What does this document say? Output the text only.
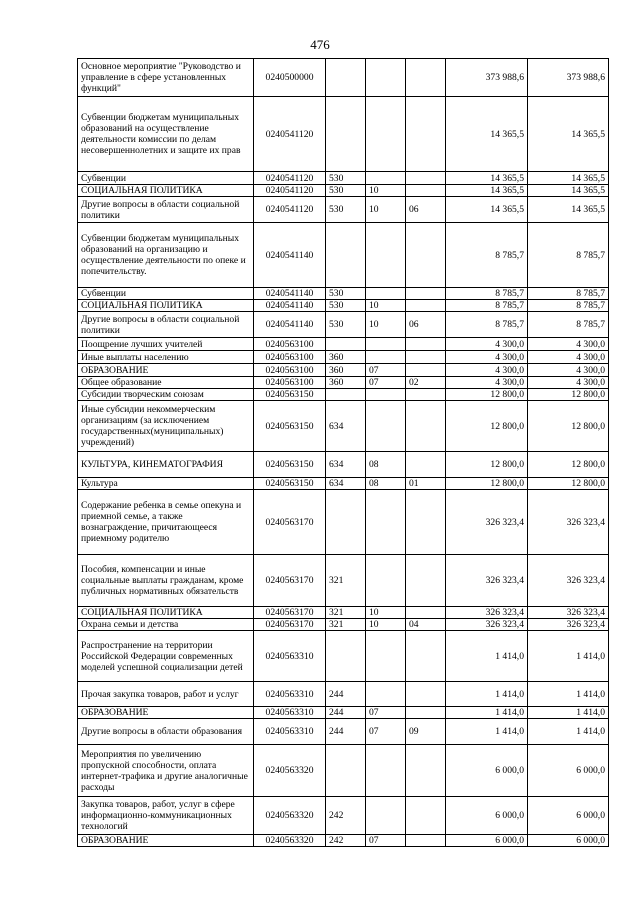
476
Основное мероприятие "Руководство и управление в сфере установленных функций"	0240500000				373 988,6	373 988,6
Субвенции бюджетам муниципальных образований на осуществление деятельности комиссии по делам несовершеннолетних и защите их прав	0240541120				14 365,5	14 365,5
Субвенции	0240541120	530			14 365,5	14 365,5
СОЦИАЛЬНАЯ ПОЛИТИКА	0240541120	530	10		14 365,5	14 365,5
Другие вопросы в области социальной политики	0240541120	530	10	06	14 365,5	14 365,5
Субвенции бюджетам муниципальных образований на организацию и осуществление деятельности по опеке и попечительству.	0240541140				8 785,7	8 785,7
Субвенции	0240541140	530			8 785,7	8 785,7
СОЦИАЛЬНАЯ ПОЛИТИКА	0240541140	530	10		8 785,7	8 785,7
Другие вопросы в области социальной политики	0240541140	530	10	06	8 785,7	8 785,7
Поощрение лучших учителей	0240563100				4 300,0	4 300,0
Иные выплаты населению	0240563100	360			4 300,0	4 300,0
ОБРАЗОВАНИЕ	0240563100	360	07		4 300,0	4 300,0
Общее образование	0240563100	360	07	02	4 300,0	4 300,0
Субсидии творческим союзам	0240563150				12 800,0	12 800,0
Иные субсидии некоммерческим организациям (за исключением государственных(муниципальных) учреждений)	0240563150	634			12 800,0	12 800,0
КУЛЬТУРА, КИНЕМАТОГРАФИЯ	0240563150	634	08		12 800,0	12 800,0
Культура	0240563150	634	08	01	12 800,0	12 800,0
Содержание ребенка в семье опекуна и приемной семье, а также вознаграждение, причитающееся приемному родителю	0240563170				326 323,4	326 323,4
Пособия, компенсации и иные социальные выплаты гражданам, кроме публичных нормативных обязательств	0240563170	321			326 323,4	326 323,4
СОЦИАЛЬНАЯ ПОЛИТИКА	0240563170	321	10		326 323,4	326 323,4
Охрана семьи и детства	0240563170	321	10	04	326 323,4	326 323,4
Распространение на территории Российской Федерации современных моделей успешной социализации детей	0240563310				1 414,0	1 414,0
Прочая закупка товаров, работ и услуг	0240563310	244			1 414,0	1 414,0
ОБРАЗОВАНИЕ	0240563310	244	07		1 414,0	1 414,0
Другие вопросы в области образования	0240563310	244	07	09	1 414,0	1 414,0
Мероприятия по увеличению пропускной способности, оплата интернет-трафика и другие аналогичные расходы	0240563320				6 000,0	6 000,0
Закупка товаров, работ, услуг в сфере информационно-коммуникационных технологий	0240563320	242			6 000,0	6 000,0
ОБРАЗОВАНИЕ	0240563320	242	07		6 000,0	6 000,0
